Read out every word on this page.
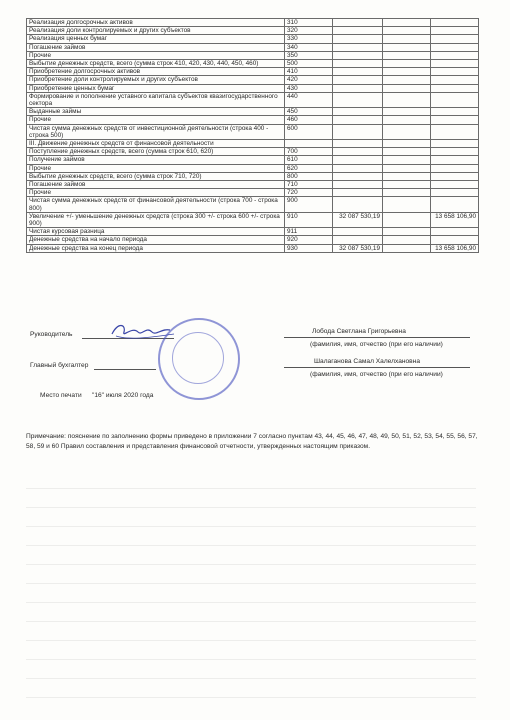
Реализация долгосрочных активов	310			
Реализация доли контролируемых и других субъектов	320			
Реализация ценных бумаг	330			
Погашение займов	340			
Прочие	350			
Выбытие денежных средств, всего (сумма строк 410, 420, 430, 440, 450, 460)	500			
Приобретение долгосрочных активов	410			
Приобретение доли контролируемых и других субъектов	420			
Приобретение ценных бумаг	430			
Формирование и пополнение уставного капитала субъектов квазигосударственного сектора	440			
Выданные займы	450			
Прочие	460			
Чистая сумма денежных средств от инвестиционной деятельности (строка 400 - строка 500)	600			
III. Движение денежных средств от финансовой деятельности				
Поступление денежных средств, всего (сумма строк 610, 620)	700			
Получение займов	610			
Прочие	620			
Выбытие денежных средств, всего (сумма строк 710, 720)	800			
Погашение займов	710			
Прочие	720			
Чистая сумма денежных средств от финансовой деятельности (строка 700 - строка 800)	900			
Увеличение +/- уменьшение денежных средств (строка 300 +/- строка 600 +/- строка 900)	910	32 087 530,19		13 658 106,90
Чистая курсовая разница	911			
Денежные средства на начало периода	920			
Денежные средства на конец периода	930	32 087 530,19		13 658 106,90
Руководитель	Лобода Светлана Григорьевна
(фамилия, имя, отчество (при его наличии)
Главный бухгалтер
Шалаганова Самал Халелхановна
(фамилия, имя, отчество (при его наличии)
Место печати "16" июля 2020 года
Примечание: пояснение по заполнению формы приведено в приложении 7 согласно пунктам 43, 44, 45, 46, 47, 48, 49, 50, 51, 52, 53, 54, 55, 56, 57, 58, 59 и 60 Правил составления и представления финансовой отчетности, утвержденных настоящим приказом.
